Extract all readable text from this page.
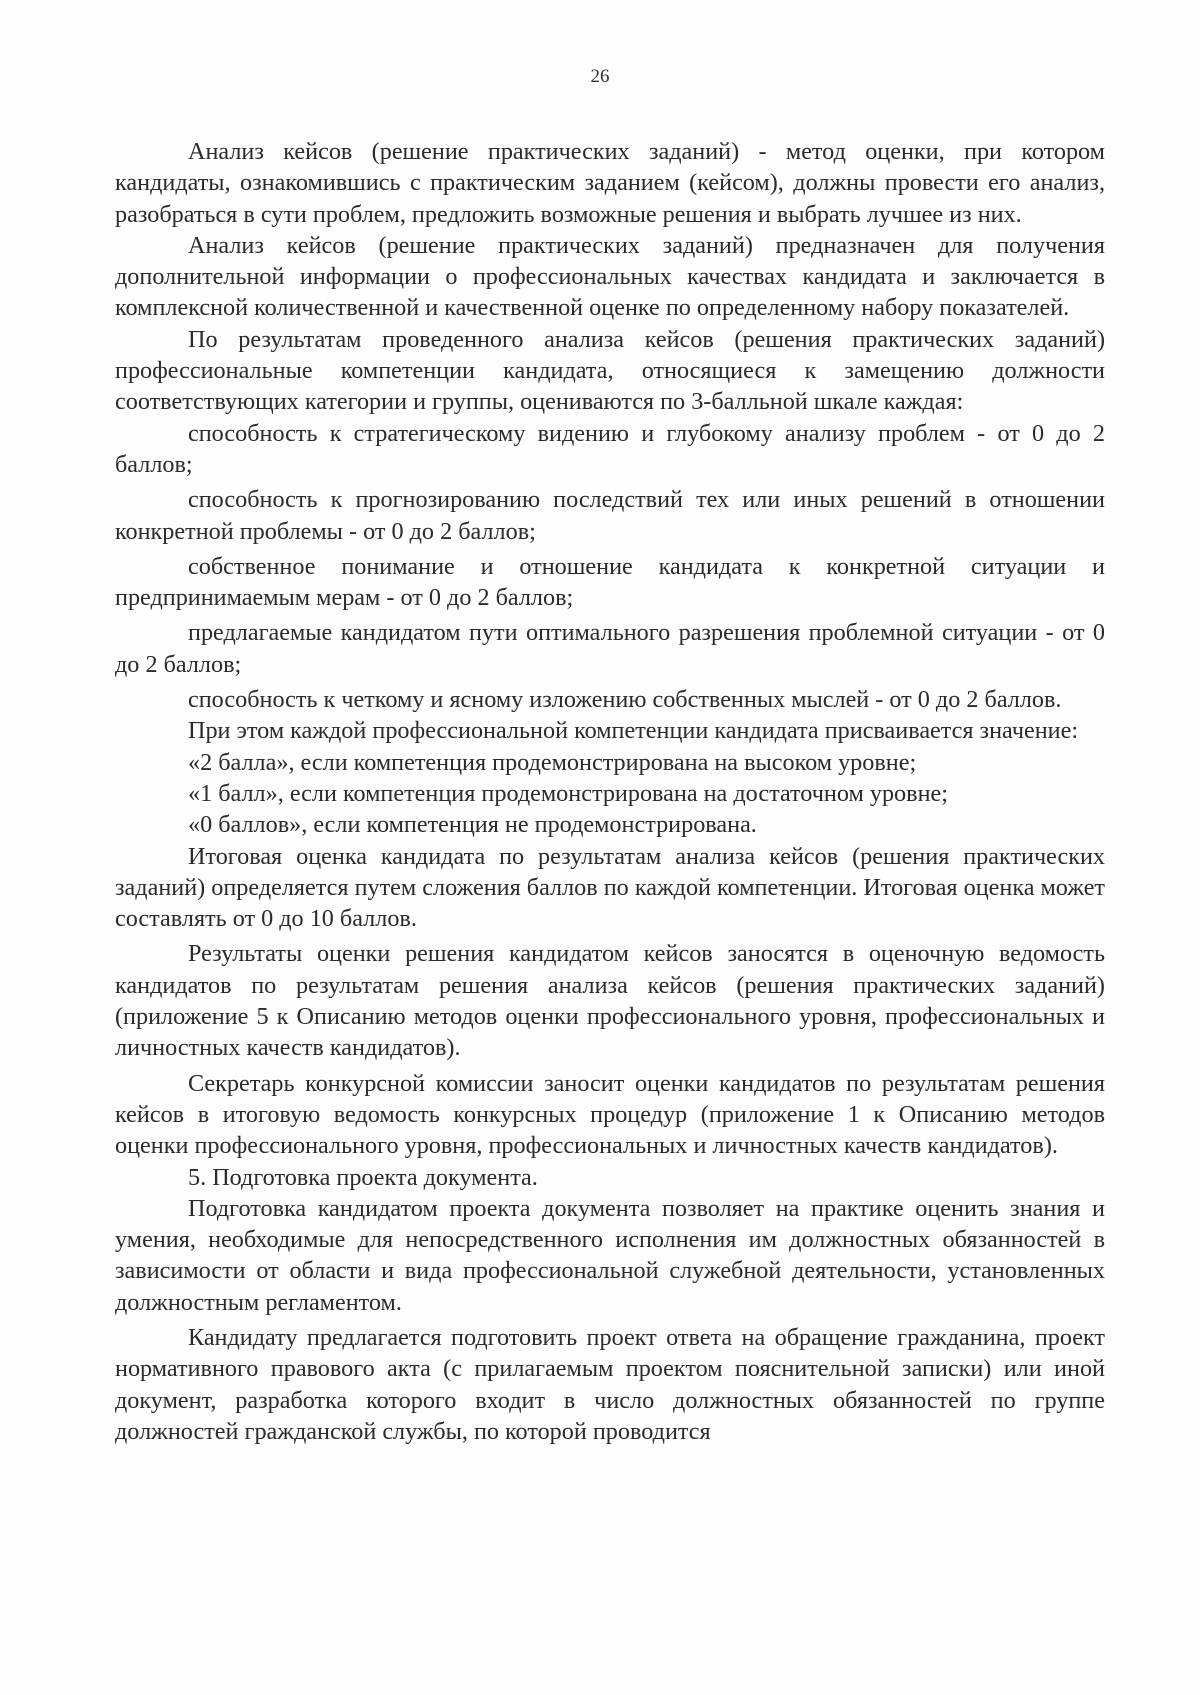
26

Анализ кейсов (решение практических заданий) - метод оценки, при котором кандидаты, ознакомившись с практическим заданием (кейсом), должны провести его анализ, разобраться в сути проблем, предложить возможные решения и выбрать лучшее из них.

Анализ кейсов (решение практических заданий) предназначен для получения дополнительной информации о профессиональных качествах кандидата и заключается в комплексной количественной и качественной оценке по определенному набору показателей.

По результатам проведенного анализа кейсов (решения практических заданий) профессиональные компетенции кандидата, относящиеся к замещению должности соответствующих категории и группы, оцениваются по 3-балльной шкале каждая:

способность к стратегическому видению и глубокому анализу проблем - от 0 до 2 баллов;

способность к прогнозированию последствий тех или иных решений в отношении конкретной проблемы - от 0 до 2 баллов;

собственное понимание и отношение кандидата к конкретной ситуации и предпринимаемым мерам - от 0 до 2 баллов;

предлагаемые кандидатом пути оптимального разрешения проблемной ситуации - от 0 до 2 баллов;

способность к четкому и ясному изложению собственных мыслей - от 0 до 2 баллов.

При этом каждой профессиональной компетенции кандидата присваивается значение:

«2 балла», если компетенция продемонстрирована на высоком уровне;

«1 балл», если компетенция продемонстрирована на достаточном уровне;

«0 баллов», если компетенция не продемонстрирована.

Итоговая оценка кандидата по результатам анализа кейсов (решения практических заданий) определяется путем сложения баллов по каждой компетенции. Итоговая оценка может составлять от 0 до 10 баллов.

Результаты оценки решения кандидатом кейсов заносятся в оценочную ведомость кандидатов по результатам решения анализа кейсов (решения практических заданий) (приложение 5 к Описанию методов оценки профессионального уровня, профессиональных и личностных качеств кандидатов).

Секретарь конкурсной комиссии заносит оценки кандидатов по результатам решения кейсов в итоговую ведомость конкурсных процедур (приложение 1 к Описанию методов оценки профессионального уровня, профессиональных и личностных качеств кандидатов).

5. Подготовка проекта документа.

Подготовка кандидатом проекта документа позволяет на практике оценить знания и умения, необходимые для непосредственного исполнения им должностных обязанностей в зависимости от области и вида профессиональной служебной деятельности, установленных должностным регламентом.

Кандидату предлагается подготовить проект ответа на обращение гражданина, проект нормативного правового акта (с прилагаемым проектом пояснительной записки) или иной документ, разработка которого входит в число должностных обязанностей по группе должностей гражданской службы, по которой проводится
